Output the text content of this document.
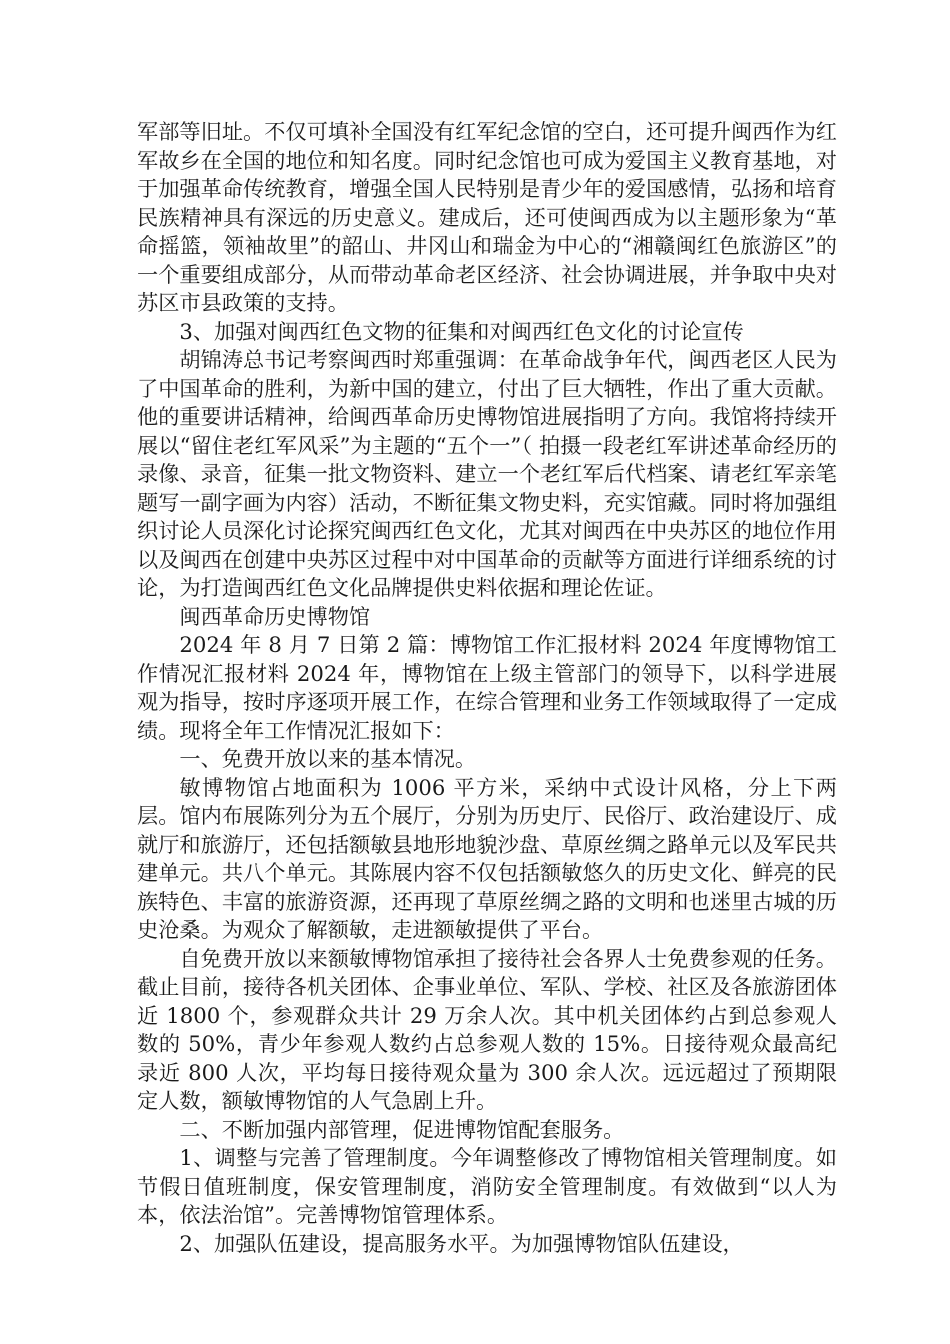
军部等旧址。不仅可填补全国没有红军纪念馆的空白，还可提升闽西作为红军故乡在全国的地位和知名度。同时纪念馆也可成为爱国主义教育基地，对于加强革命传统教育，增强全国人民特别是青少年的爱国感情，弘扬和培育民族精神具有深远的历史意义。建成后，还可使闽西成为以主题形象为“革命摇篮，领袖故里”的韶山、井冈山和瑞金为中心的“湘赣闽红色旅游区”的一个重要组成部分，从而带动革命老区经济、社会协调进展，并争取中央对苏区市县政策的支持。

3、加强对闽西红色文物的征集和对闽西红色文化的讨论宣传

胡锦涛总书记考察闽西时郑重强调：在革命战争年代，闽西老区人民为了中国革命的胜利，为新中国的建立，付出了巨大牺牲，作出了重大贡献。他的重要讲话精神，给闽西革命历史博物馆进展指明了方向。我馆将持续开展以“留住老红军风采”为主题的“五个一”（ 拍摄一段老红军讲述革命经历的录像、录音，征集一批文物资料、建立一个老红军后代档案、请老红军亲笔题写一副字画为内容）活动，不断征集文物史料，充实馆藏。同时将加强组织讨论人员深化讨论探究闽西红色文化，尤其对闽西在中央苏区的地位作用以及闽西在创建中央苏区过程中对中国革命的贡献等方面进行详细系统的讨论，为打造闽西红色文化品牌提供史料依据和理论佐证。

闽西革命历史博物馆

2024 年 8 月 7 日第 2 篇：博物馆工作汇报材料 2024 年度博物馆工作情况汇报材料 2024 年，博物馆在上级主管部门的领导下，以科学进展观为指导，按时序逐项开展工作，在综合管理和业务工作领域取得了一定成绩。现将全年工作情况汇报如下：

一、免费开放以来的基本情况。

敏博物馆占地面积为 1006 平方米，采纳中式设计风格，分上下两层。馆内布展陈列分为五个展厅，分别为历史厅、民俗厅、政治建设厅、成就厅和旅游厅，还包括额敏县地形地貌沙盘、草原丝绸之路单元以及军民共建单元。共八个单元。其陈展内容不仅包括额敏悠久的历史文化、鲜亮的民族特色、丰富的旅游资源，还再现了草原丝绸之路的文明和也迷里古城的历史沧桑。为观众了解额敏，走进额敏提供了平台。

自免费开放以来额敏博物馆承担了接待社会各界人士免费参观的任务。截止目前，接待各机关团体、企事业单位、军队、学校、社区及各旅游团体近 1800 个，参观群众共计 29 万余人次。其中机关团体约占到总参观人数的 50%，青少年参观人数约占总参观人数的 15%。日接待观众最高纪录近 800 人次，平均每日接待观众量为 300 余人次。远远超过了预期限定人数，额敏博物馆的人气急剧上升。

二、不断加强内部管理，促进博物馆配套服务。

1、调整与完善了管理制度。今年调整修改了博物馆相关管理制度。如节假日值班制度，保安管理制度，消防安全管理制度。有效做到“以人为本，依法治馆”。完善博物馆管理体系。

2、加强队伍建设，提高服务水平。为加强博物馆队伍建设，
